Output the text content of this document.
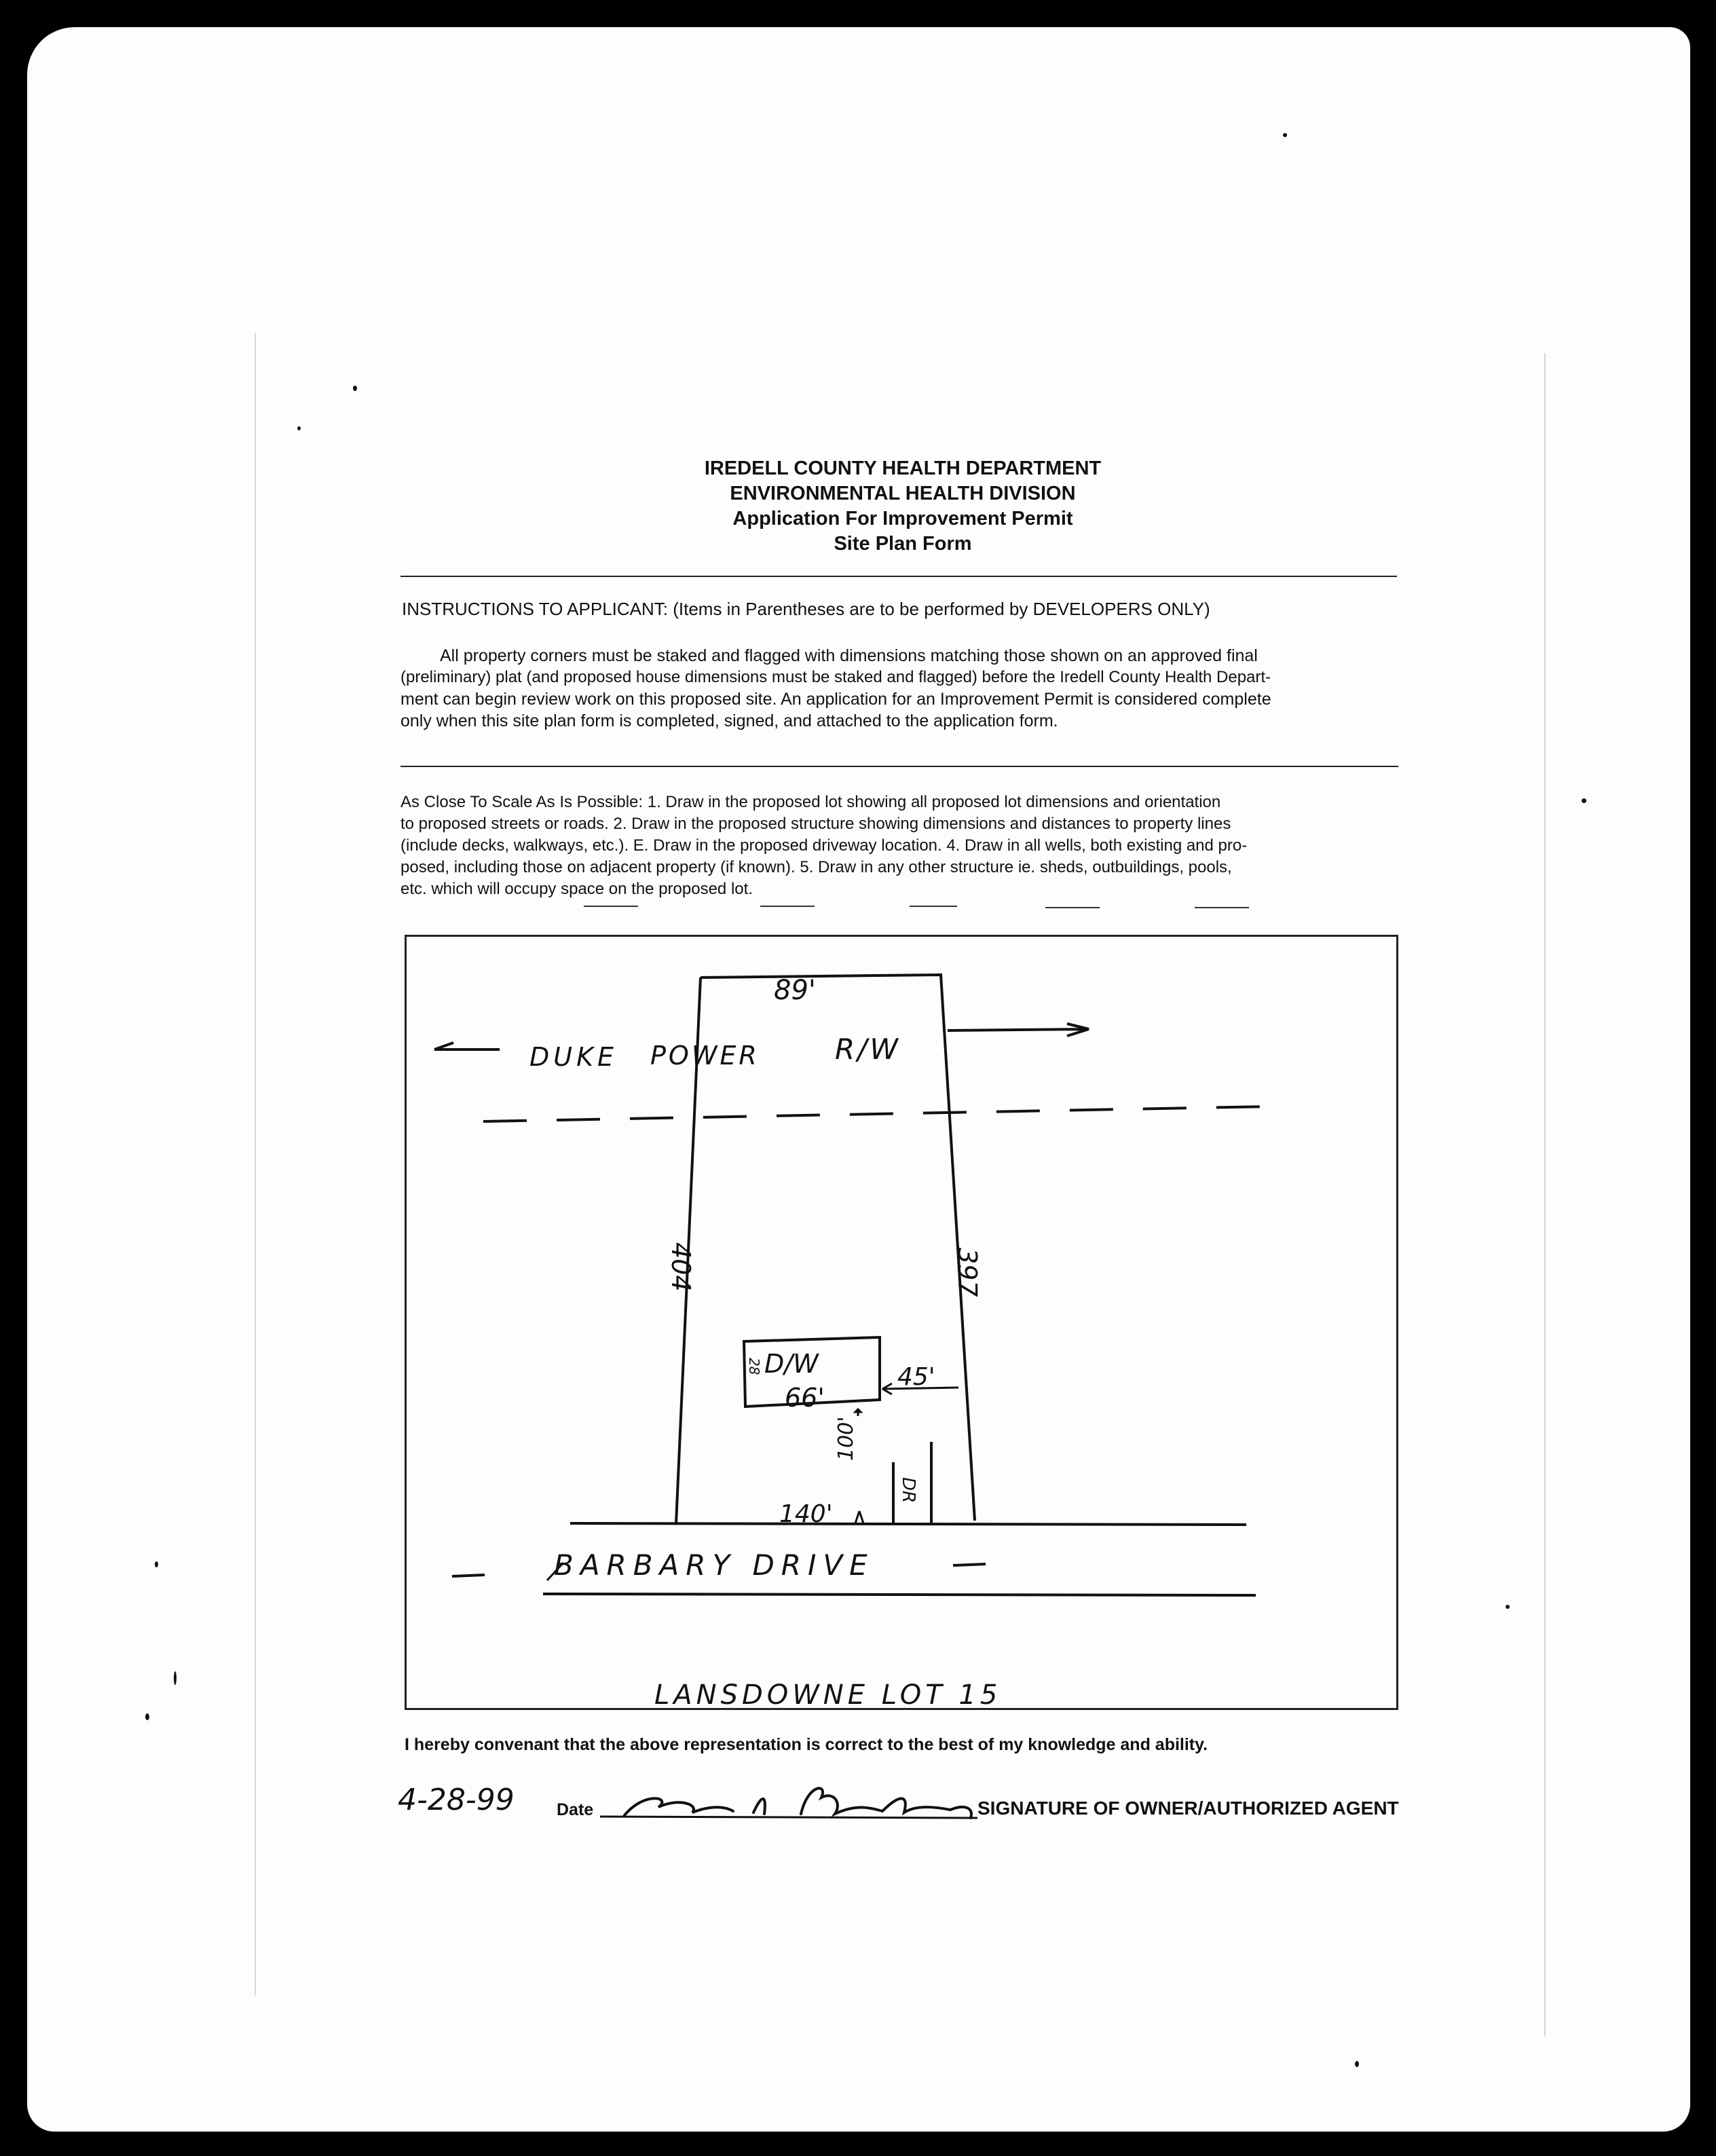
IREDELL COUNTY HEALTH DEPARTMENT
ENVIRONMENTAL HEALTH DIVISION
Application For Improvement Permit
Site Plan Form
INSTRUCTIONS TO APPLICANT: (Items in Parentheses are to be performed by DEVELOPERS ONLY)
All property corners must be staked and flagged with dimensions matching those shown on an approved final
(preliminary) plat (and proposed house dimensions must be staked and flagged) before the Iredell County Health Depart-
ment can begin review work on this proposed site. An application for an Improvement Permit is considered complete
only when this site plan form is completed, signed, and attached to the application form.
As Close To Scale As Is Possible: 1. Draw in the proposed lot showing all proposed lot dimensions and orientation
to proposed streets or roads. 2. Draw in the proposed structure showing dimensions and distances to property lines
(include decks, walkways, etc.). E. Draw in the proposed driveway location. 4. Draw in all wells, both existing and pro-
posed, including those on adjacent property (if known). 5. Draw in any other structure ie. sheds, outbuildings, pools,
etc. which will occupy space on the proposed lot.
89'
DUKE POWER	R/W
404	397
28 D/W
66'
45'
100'
DR
140'
BARBARY DRIVE
LANSDOWNE LOT 15
I hereby convenant that the above representation is correct to the best of my knowledge and ability.
4-28-99 Date	SIGNATURE OF OWNER/AUTHORIZED AGENT
